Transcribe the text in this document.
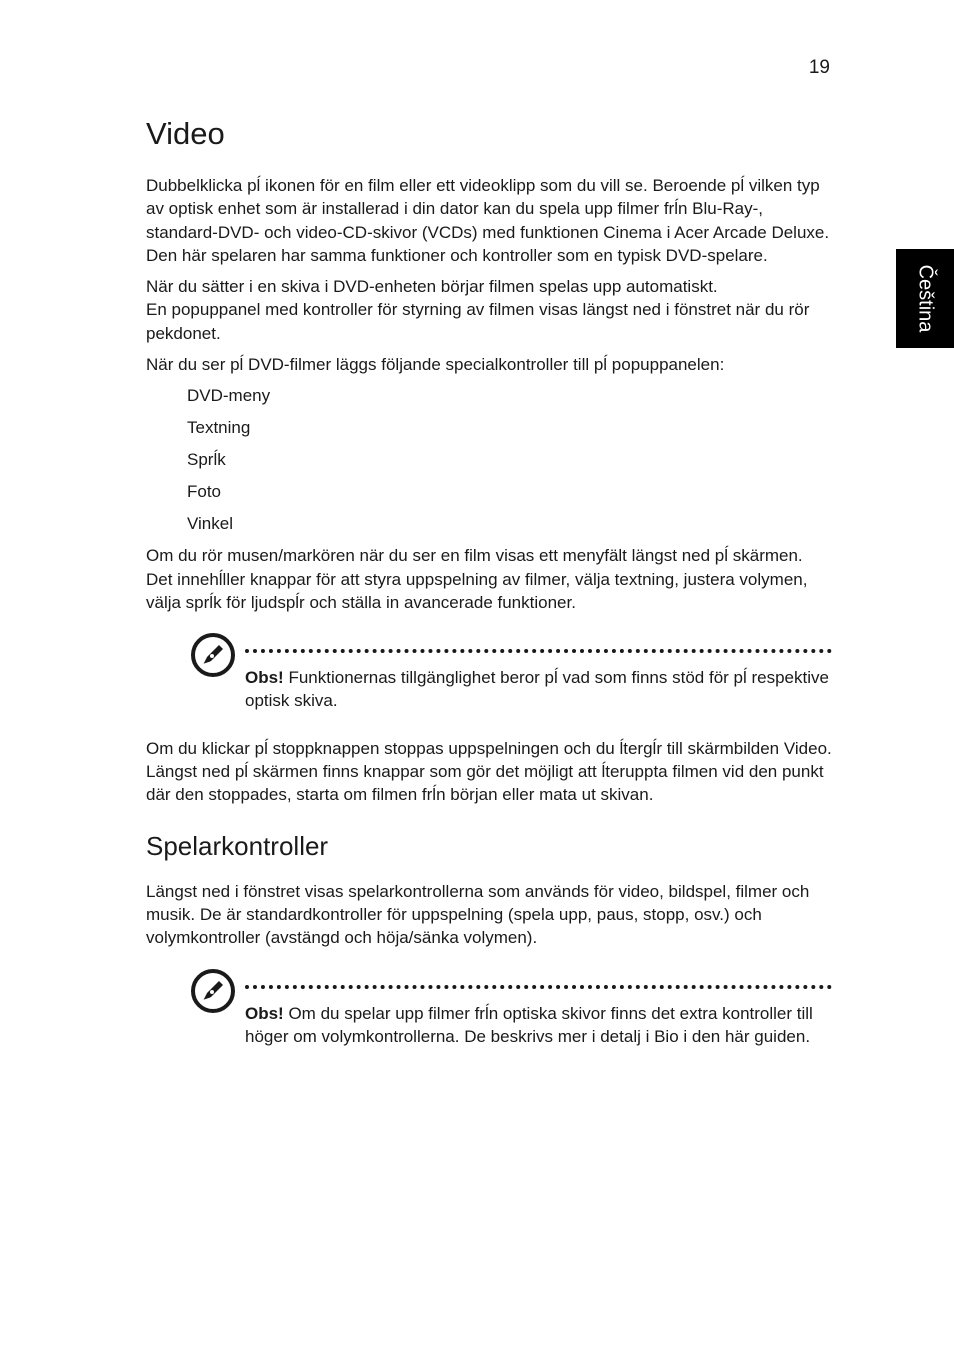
19
Čeština
Video

Dubbelklicka pĺ ikonen för en film eller ett videoklipp som du vill se. Beroende pĺ vilken typ av optisk enhet som är installerad i din dator kan du spela upp filmer frĺn Blu-Ray-, standard-DVD- och video-CD-skivor (VCDs) med funktionen Cinema i Acer Arcade Deluxe. Den här spelaren har samma funktioner och kontroller som en typisk DVD-spelare.

När du sätter i en skiva i DVD-enheten börjar filmen spelas upp automatiskt.
En popuppanel med kontroller för styrning av filmen visas längst ned i fönstret när du rör pekdonet.

När du ser pĺ DVD-filmer läggs följande specialkontroller till pĺ popuppanelen:

DVD-meny
Textning
Sprĺk
Foto
Vinkel

Om du rör musen/markören när du ser en film visas ett menyfält längst ned pĺ skärmen. Det innehĺller knappar för att styra uppspelning av filmer, välja textning, justera volymen, välja sprĺk för ljudspĺr och ställa in avancerade funktioner.

Obs! Funktionernas tillgänglighet beror pĺ vad som finns stöd för pĺ respektive optisk skiva.

Om du klickar pĺ stoppknappen stoppas uppspelningen och du ĺtergĺr till skärmbilden Video. Längst ned pĺ skärmen finns knappar som gör det möjligt att ĺteruppta filmen vid den punkt där den stoppades, starta om filmen frĺn början eller mata ut skivan.

Spelarkontroller

Längst ned i fönstret visas spelarkontrollerna som används för video, bildspel, filmer och musik. De är standardkontroller för uppspelning (spela upp, paus, stopp, osv.) och volymkontroller (avstängd och höja/sänka volymen).

Obs! Om du spelar upp filmer frĺn optiska skivor finns det extra kontroller till höger om volymkontrollerna. De beskrivs mer i detalj i Bio i den här guiden.
